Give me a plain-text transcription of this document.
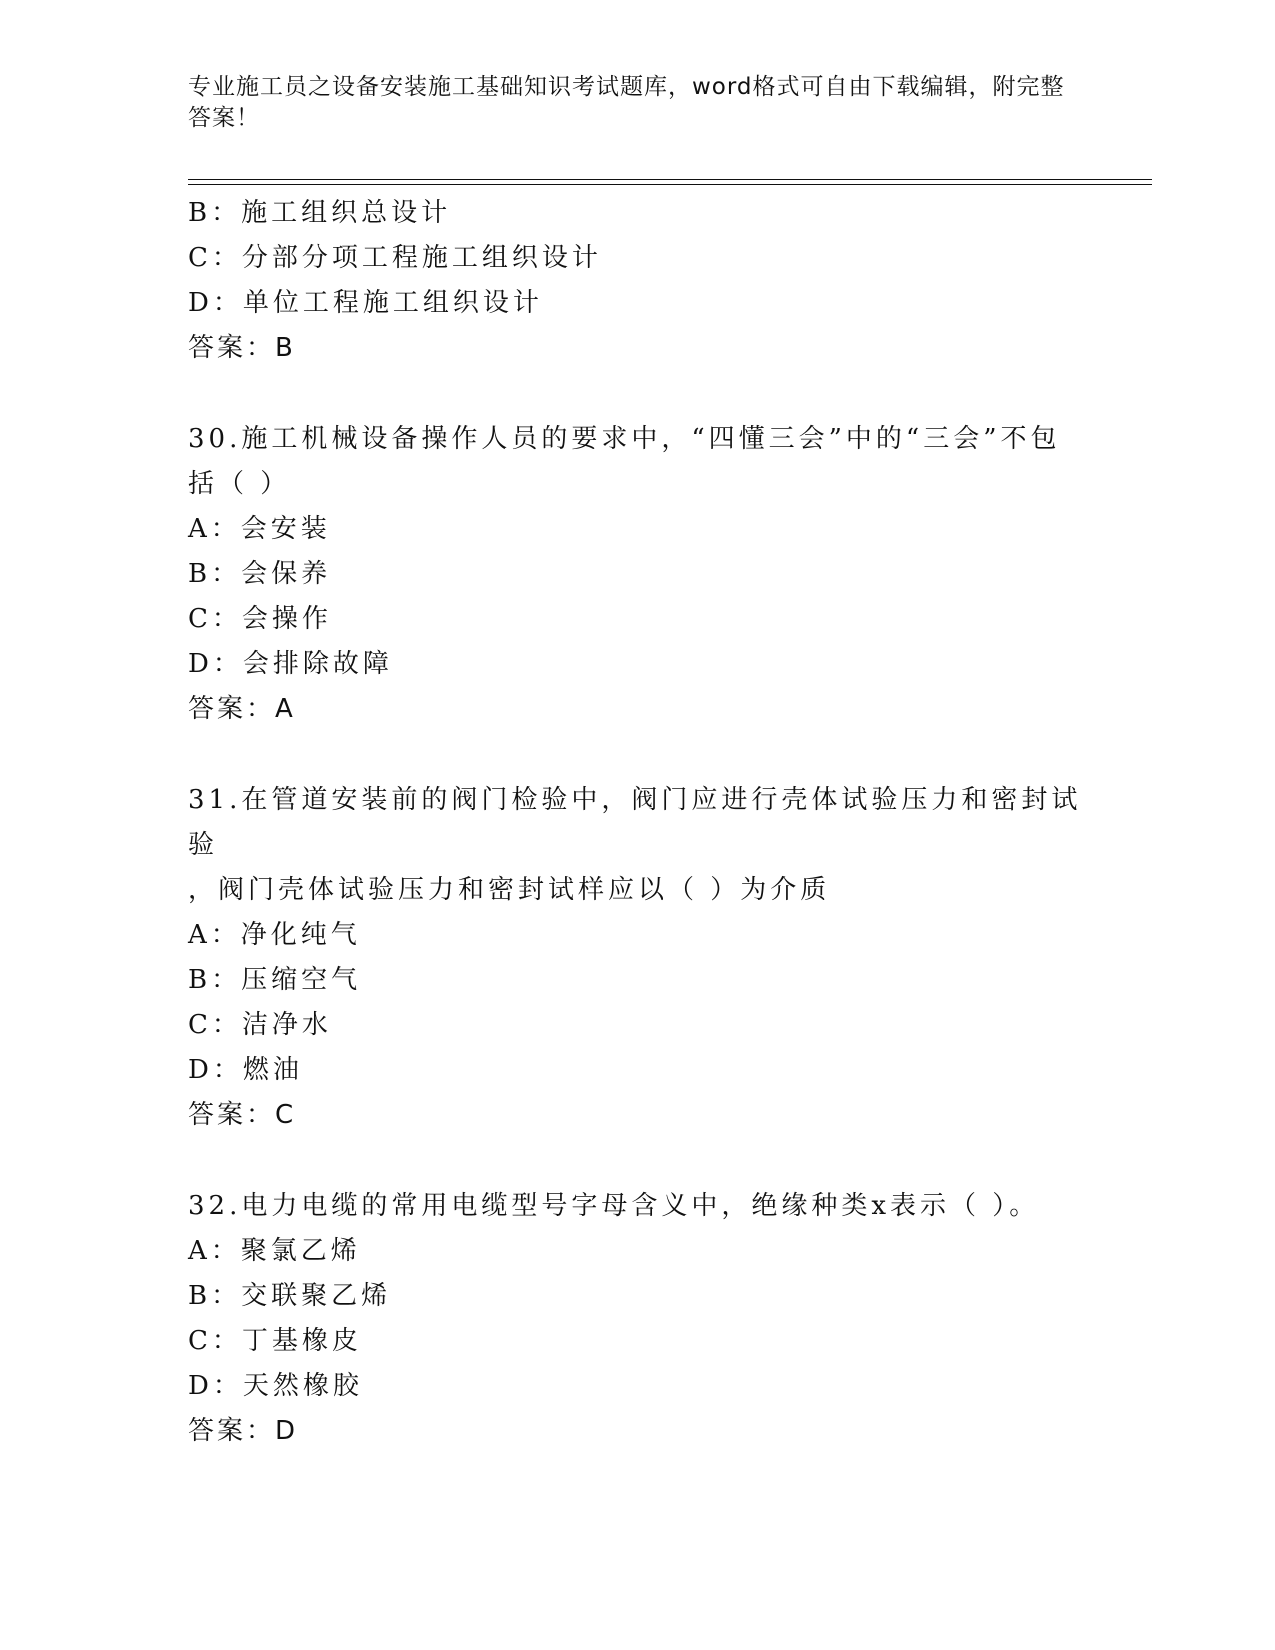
专业施工员之设备安装施工基础知识考试题库，word格式可自由下载编辑，附完整答案！
B：施工组织总设计
C：分部分项工程施工组织设计
D：单位工程施工组织设计
答案：B
30.施工机械设备操作人员的要求中，“四懂三会”中的“三会”不包
括（ ）
A：会安装
B：会保养
C：会操作
D：会排除故障
答案：A
31.在管道安装前的阀门检验中，阀门应进行壳体试验压力和密封试验
，阀门壳体试验压力和密封试样应以（ ）为介质
A：净化纯气
B：压缩空气
C：洁净水
D：燃油
答案：C
32.电力电缆的常用电缆型号字母含义中，绝缘种类x表示（ ）。
A：聚氯乙烯
B：交联聚乙烯
C：丁基橡皮
D：天然橡胶
答案：D
